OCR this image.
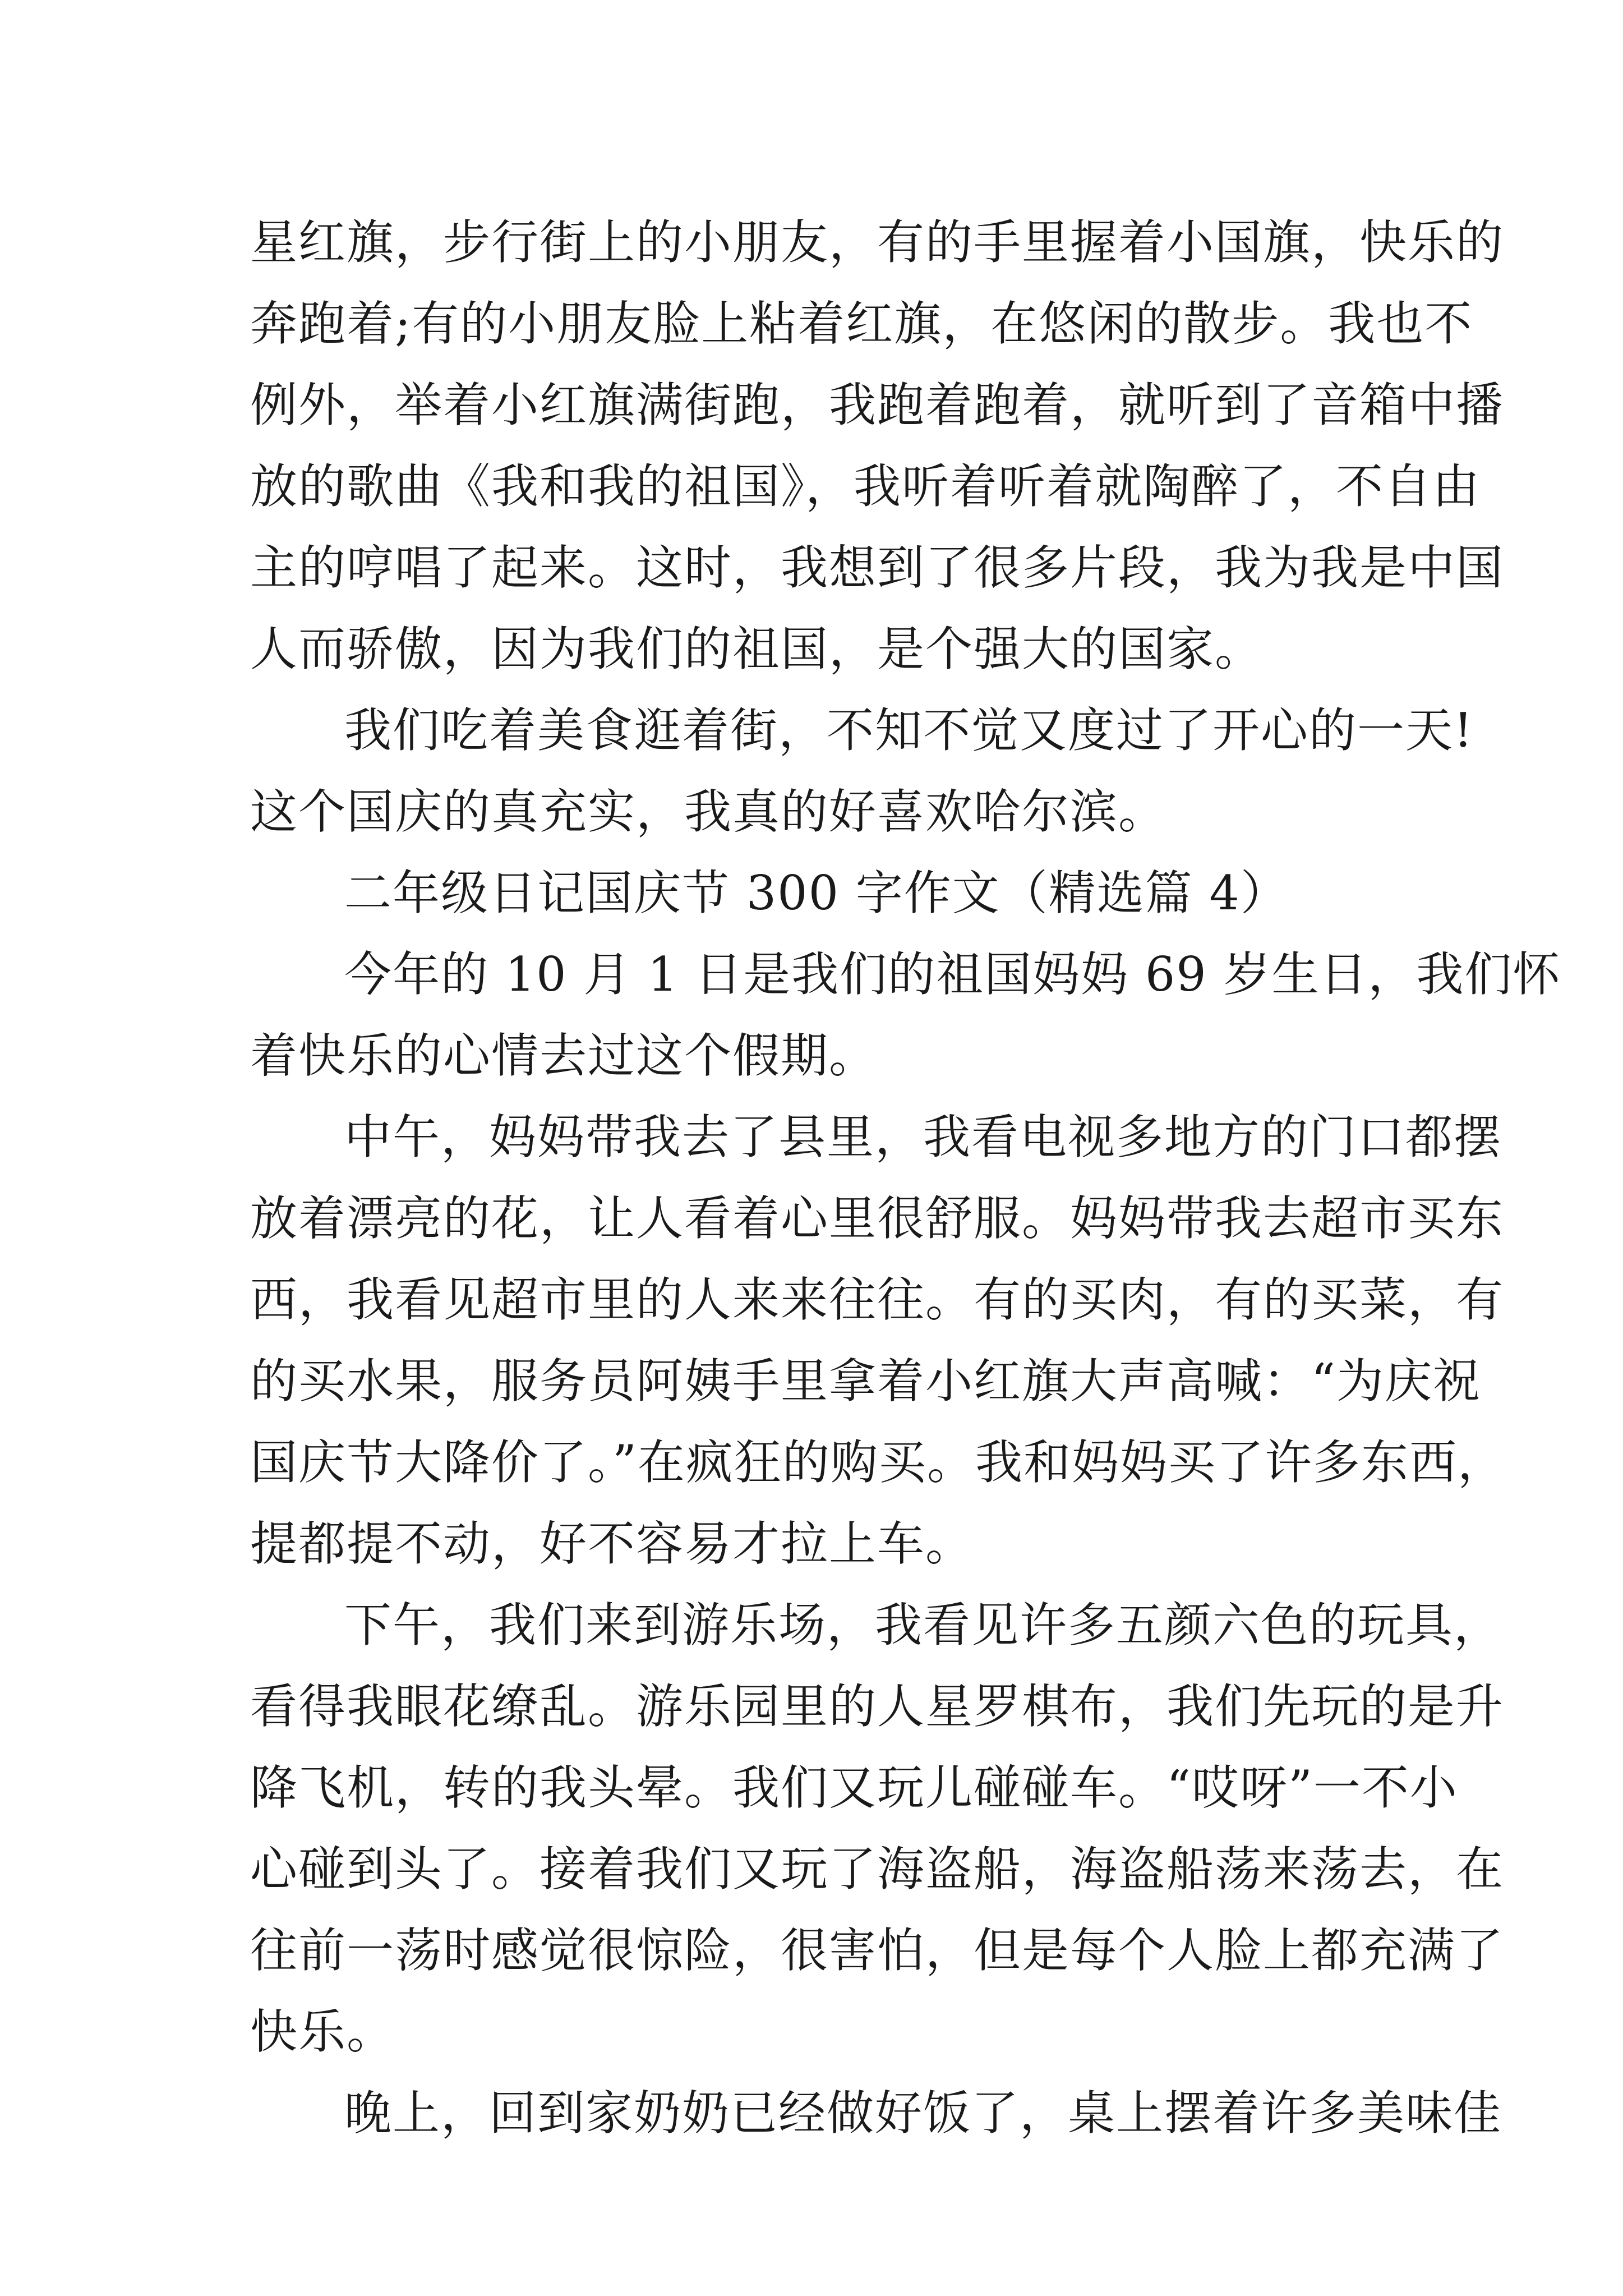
星红旗，步行街上的小朋友，有的手里握着小国旗，快乐的
奔跑着;有的小朋友脸上粘着红旗，在悠闲的散步。我也不
例外，举着小红旗满街跑，我跑着跑着，就听到了音箱中播
放的歌曲《我和我的祖国》，我听着听着就陶醉了，不自由
主的哼唱了起来。这时，我想到了很多片段，我为我是中国
人而骄傲，因为我们的祖国，是个强大的国家。
我们吃着美食逛着街，不知不觉又度过了开心的一天!
这个国庆的真充实，我真的好喜欢哈尔滨。
二年级日记国庆节 300 字作文（精选篇 4）
今年的 10 月 1 日是我们的祖国妈妈 69 岁生日，我们怀
着快乐的心情去过这个假期。
中午，妈妈带我去了县里，我看电视多地方的门口都摆
放着漂亮的花，让人看着心里很舒服。妈妈带我去超市买东
西，我看见超市里的人来来往往。有的买肉，有的买菜，有
的买水果，服务员阿姨手里拿着小红旗大声高喊：“为庆祝
国庆节大降价了。”在疯狂的购买。我和妈妈买了许多东西，
提都提不动，好不容易才拉上车。
下午，我们来到游乐场，我看见许多五颜六色的玩具，
看得我眼花缭乱。游乐园里的人星罗棋布，我们先玩的是升
降飞机，转的我头晕。我们又玩儿碰碰车。“哎呀”一不小
心碰到头了。接着我们又玩了海盗船，海盗船荡来荡去，在
往前一荡时感觉很惊险，很害怕，但是每个人脸上都充满了
快乐。
晚上，回到家奶奶已经做好饭了，桌上摆着许多美味佳
